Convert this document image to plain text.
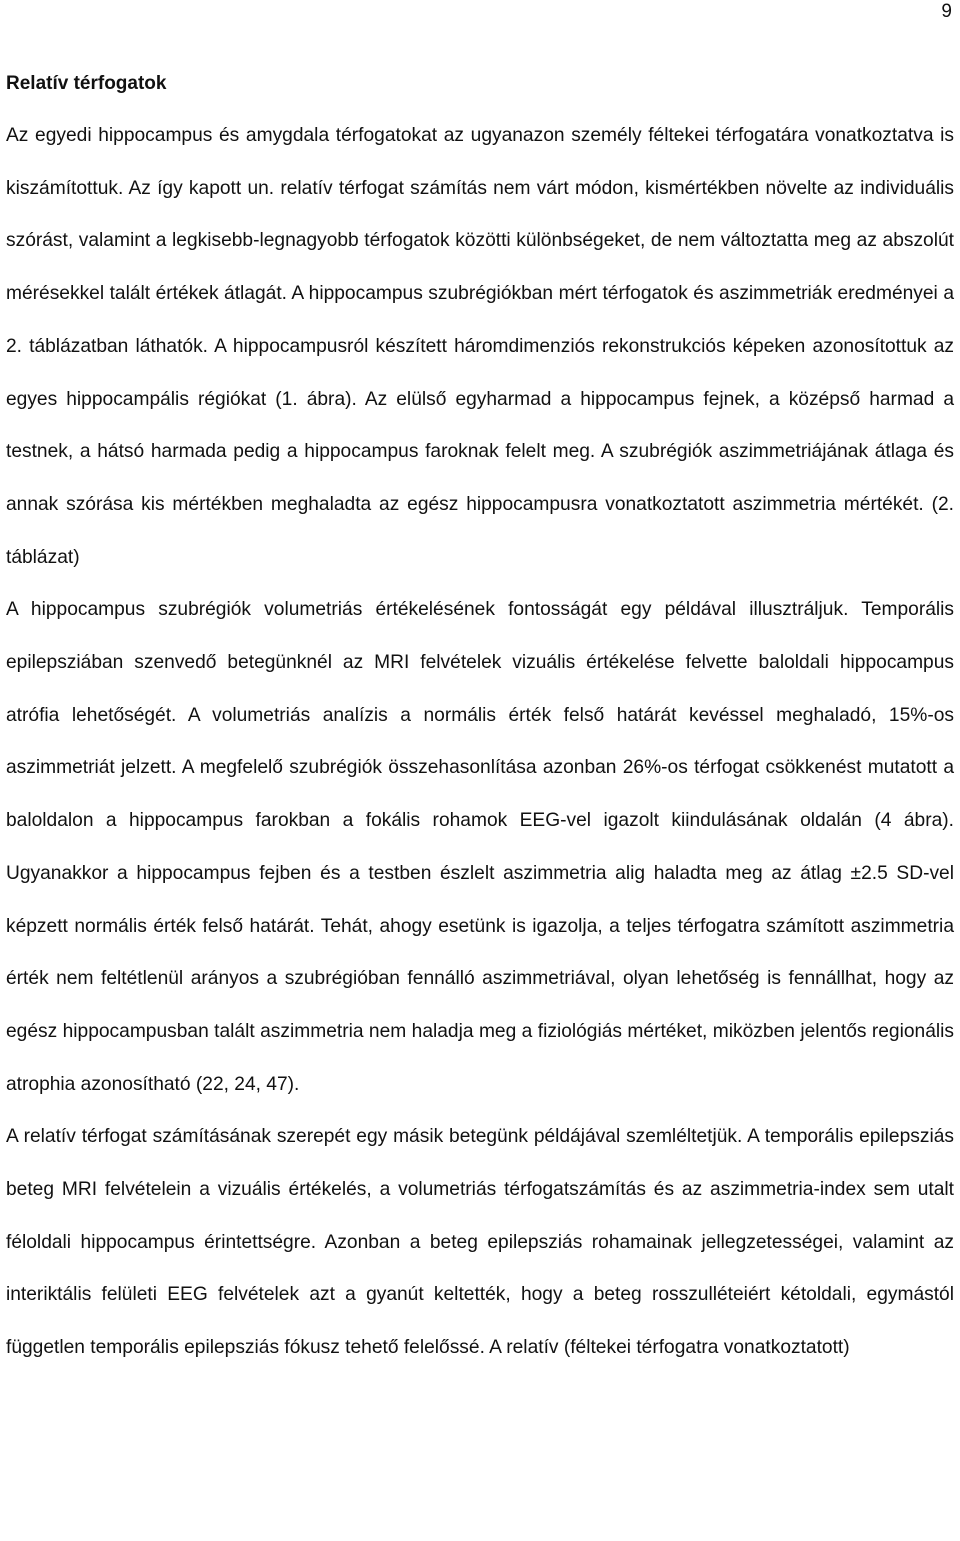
9
Relatív térfogatok

Az egyedi hippocampus és amygdala térfogatokat az ugyanazon személy féltekei térfogatára vonatkoztatva is kiszámítottuk. Az így kapott un. relatív térfogat számítás nem várt módon, kismértékben növelte az individuális szórást, valamint a legkisebb-legnagyobb térfogatok közötti különbségeket, de nem változtatta meg az abszolút mérésekkel talált értékek átlagát. A hippocampus szubrégiókban mért térfogatok és aszimmetriák eredményei a 2. táblázatban láthatók. A hippocampusról készített háromdimenziós rekonstrukciós képeken azonosítottuk az egyes hippocampális régiókat (1. ábra). Az elülső egyharmad a hippocampus fejnek, a középső harmad a testnek, a hátsó harmada pedig a hippocampus faroknak felelt meg. A szubrégiók aszimmetriájának átlaga és annak szórása kis mértékben meghaladta az egész hippocampusra vonatkoztatott aszimmetria mértékét. (2. táblázat)

A hippocampus szubrégiók volumetriás értékelésének fontosságát egy példával illusztráljuk. Temporális epilepsziában szenvedő betegünknél az MRI felvételek vizuális értékelése felvette baloldali hippocampus atrófia lehetőségét. A volumetriás analízis a normális érték felső határát kevéssel meghaladó, 15%-os aszimmetriát jelzett. A megfelelő szubrégiók összehasonlítása azonban 26%-os térfogat csökkenést mutatott a baloldalon a hippocampus farokban a fokális rohamok EEG-vel igazolt kiindulásának oldalán (4 ábra). Ugyanakkor a hippocampus fejben és a testben észlelt aszimmetria alig haladta meg az átlag ±2.5 SD-vel képzett normális érték felső határát. Tehát, ahogy esetünk is igazolja, a teljes térfogatra számított aszimmetria érték nem feltétlenül arányos a szubrégióban fennálló aszimmetriával, olyan lehetőség is fennállhat, hogy az egész hippocampusban talált aszimmetria nem haladja meg a fiziológiás mértéket, miközben jelentős regionális atrophia azonosítható (22, 24, 47).

A relatív térfogat számításának szerepét egy másik betegünk példájával szemléltetjük. A temporális epilepsziás beteg MRI felvételein a vizuális értékelés, a volumetriás térfogatszámítás és az aszimmetria-index sem utalt féloldali hippocampus érintettségre. Azonban a beteg epilepsziás rohamainak jellegzetességei, valamint az interiktális felületi EEG felvételek azt a gyanút keltették, hogy a beteg rosszulléteiért kétoldali, egymástól független temporális epilepsziás fókusz tehető felelőssé. A relatív (féltekei térfogatra vonatkoztatott)
